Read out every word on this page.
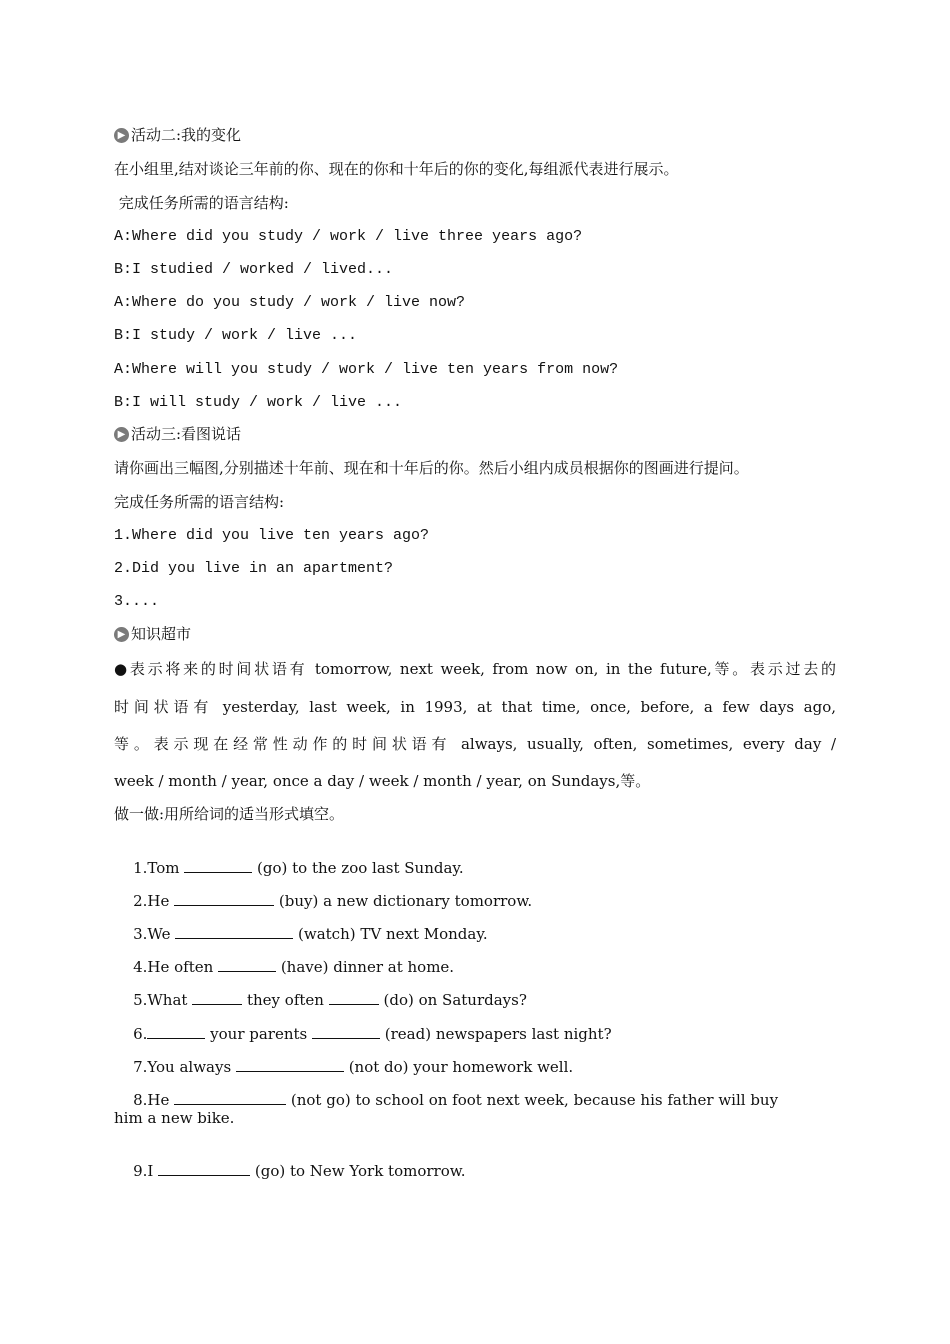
▶ 活动二:我的变化
在小组里,结对谈论三年前的你、现在的你和十年后的你的变化,每组派代表进行展示。
完成任务所需的语言结构:
A:Where did you study / work / live three years ago?
B:I studied / worked / lived...
A:Where do you study / work / live now?
B:I study / work / live ...
A:Where will you study / work / live ten years from now?
B:I will study / work / live ...
▶ 活动三:看图说话
请你画出三幅图,分别描述十年前、现在和十年后的你。然后小组内成员根据你的图画进行提问。
完成任务所需的语言结构:
1.Where did you live ten years ago?
2.Did you live in an apartment?
3....
▶ 知识超市
●表示将来的时间状语有 tomorrow, next week, from now on, in the future,等。表示过去的
时间状语有 yesterday, last week, in 1993, at that time, once, before, a few days ago,
等。表示现在经常性动作的时间状语有 always, usually, often, sometimes, every day /
week / month / year, once a day / week / month / year, on Sundays,等。
做一做:用所给词的适当形式填空。

1.Tom	(go) to the zoo last Sunday.

2.He	(buy) a new dictionary tomorrow.

3.We	(watch) TV next Monday.

4.He often	(have) dinner at home.

5.What	they often	(do) on Saturdays?

6.	your parents	(read) newspapers last night?

7.You always	(not do) your homework well.

8.He	(not go) to school on foot next week, because his father will buy

him a new bike.

9.I	(go) to New York tomorrow.
